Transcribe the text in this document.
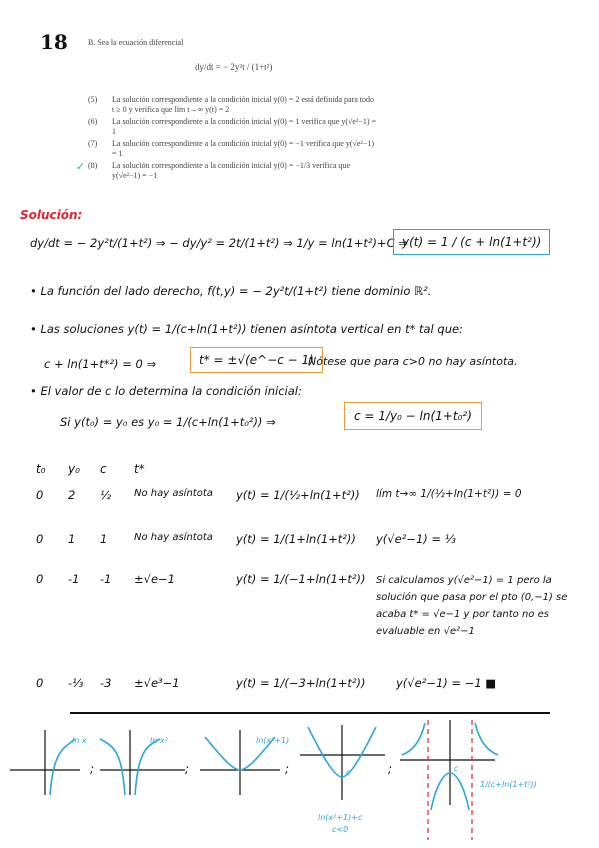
18	B. Sea la ecuación diferencial
dy/dt = − 2y²t / (1+t²)
(5)	La solución correspondiente a la condición inicial y(0) = 2 está definida para todo t ≥ 0 y verifica que lím t→∞ y(t) = 2
(6)	La solución correspondiente a la condición inicial y(0) = 1 verifica que y(√e²−1) = 1
(7)	La solución correspondiente a la condición inicial y(0) = −1 verifica que y(√e²−1) = 1
✓ (8)	La solución correspondiente a la condición inicial y(0) = −1/3 verifica que y(√e²−1) = −1
Solución:
dy/dt = − 2y²t/(1+t²) ⇒ − dy/y² = 2t/(1+t²) ⇒ 1/y = ln(1+t²)+C ⇒
y(t) = 1 / (c + ln(1+t²))
• La función del lado derecho, f(t,y) = − 2y²t/(1+t²) tiene dominio ℝ².
• Las soluciones y(t) = 1/(c+ln(1+t²)) tienen asíntota vertical en t* tal que:
c + ln(1+t*²) = 0 ⇒	t* = ±√(e^−c − 1)
Nótese que para c>0 no hay asíntota.
• El valor de c lo determina la condición inicial:
Si y(t₀) = y₀ es y₀ = 1/(c+ln(1+t₀²)) ⇒	c = 1/y₀ − ln(1+t₀²)
t₀ y₀ c t*
0 2 ½ No hay asíntota y(t) = 1/(½+ln(1+t²)) lím t→∞ 1/(½+ln(1+t²)) = 0
0 1 1	No hay asíntota y(t) = 1/(1+ln(1+t²)) y(√e²−1) = ⅓
0 -1 -1 ±√e−1	y(t) = 1/(−1+ln(1+t²)) Si calculamos y(√e²−1) = 1 pero la solución que pasa por el pto (0,−1) se acaba t* = √e−1 y por tanto no es evaluable en √e²−1
0 -⅓ -3 ±√e³−1	y(t) = 1/(−3+ln(1+t²))	y(√e²−1) = −1 ■
ln x
;
ln x²
;
ln(x²+1)
;	c
ln(x²+1)+c
c<0
;	c
1/(c+ln(1+t²))
